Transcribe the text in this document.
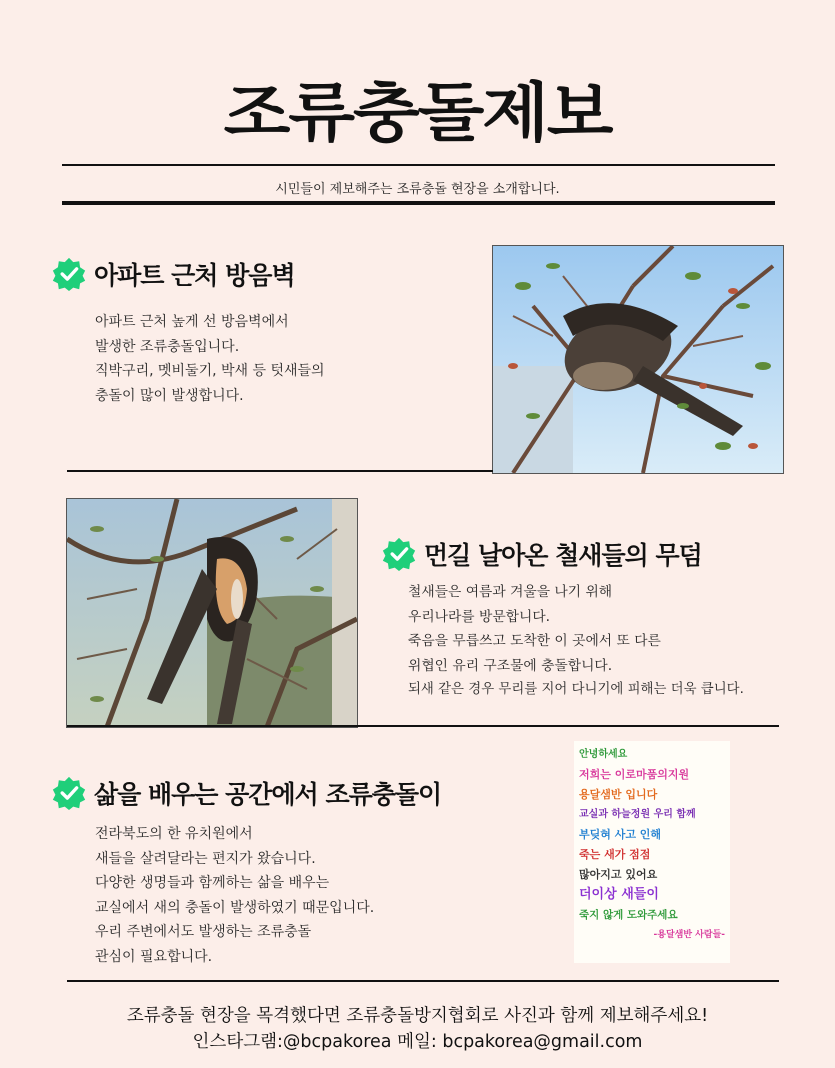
조류충돌제보
시민들이 제보해주는 조류충돌 현장을 소개합니다.
아파트 근처 방음벽
아파트 근처 높게 선 방음벽에서
발생한 조류충돌입니다.
직박구리, 멧비둘기, 박새 등 텃새들의
충돌이 많이 발생합니다.
먼길 날아온 철새들의 무덤
철새들은 여름과 겨울을 나기 위해
우리나라를 방문합니다.
죽음을 무릅쓰고 도착한 이 곳에서 또 다른
위협인 유리 구조물에 충돌합니다.
되새 같은 경우 무리를 지어 다니기에 피해는 더욱 큽니다.
삶을 배우는 공간에서 조류충돌이
전라북도의 한 유치원에서
새들을 살려달라는 편지가 왔습니다.
다양한 생명들과 함께하는 삶을 배우는
교실에서 새의 충돌이 발생하였기 때문입니다.
우리 주변에서도 발생하는 조류충돌
관심이 필요합니다.
안녕하세요
저희는 이로마품의지원
용달샘반 입니다
교실과 하늘정원 우리 함께
부딪혀 사고 인해
죽는 새가 점점
많아지고 있어요
더이상 새들이
죽지 않게 도와주세요
-용달샘반 사람들-
조류충돌 현장을 목격했다면 조류충돌방지협회로 사진과 함께 제보해주세요!
인스타그램:@bcpakorea 메일: bcpakorea@gmail.com
